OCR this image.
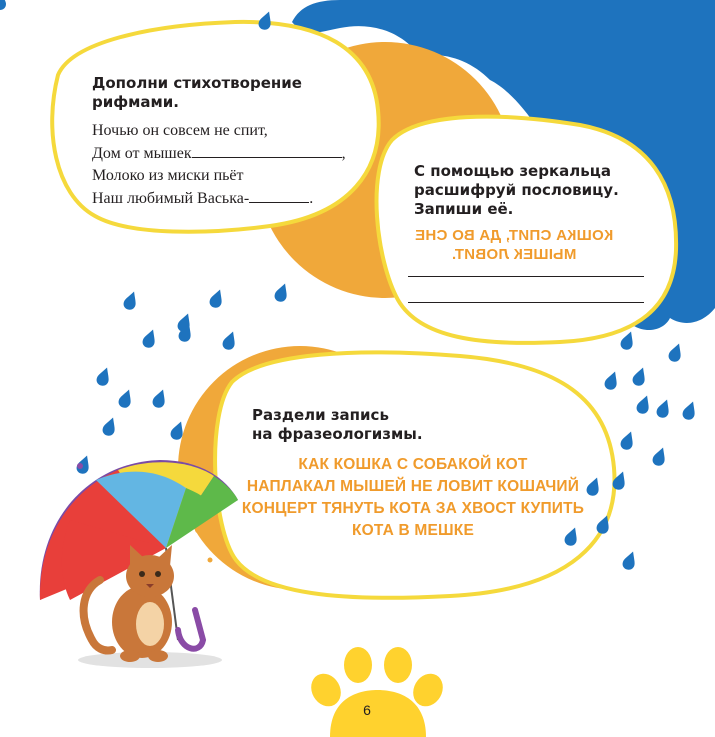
Дополни стихотворение
рифмами.
Ночью он совсем не спит,
Дом от мышек	,
Молоко из миски пьёт
Наш любимый Васька-	.
С помощью зеркальца
расшифруй пословицу.
Запиши её.
КОШКА СПИТ, ДА ВО СНЕ
МЫШЕК ЛОВИТ.
Раздели запись
на фразеологизмы.
КАК КОШКА С СОБАКОЙ КОТ
НАПЛАКАЛ МЫШЕЙ НЕ ЛОВИТ КОШАЧИЙ
КОНЦЕРТ ТЯНУТЬ КОТА ЗА ХВОСТ КУПИТЬ
КОТА В МЕШКЕ
6
